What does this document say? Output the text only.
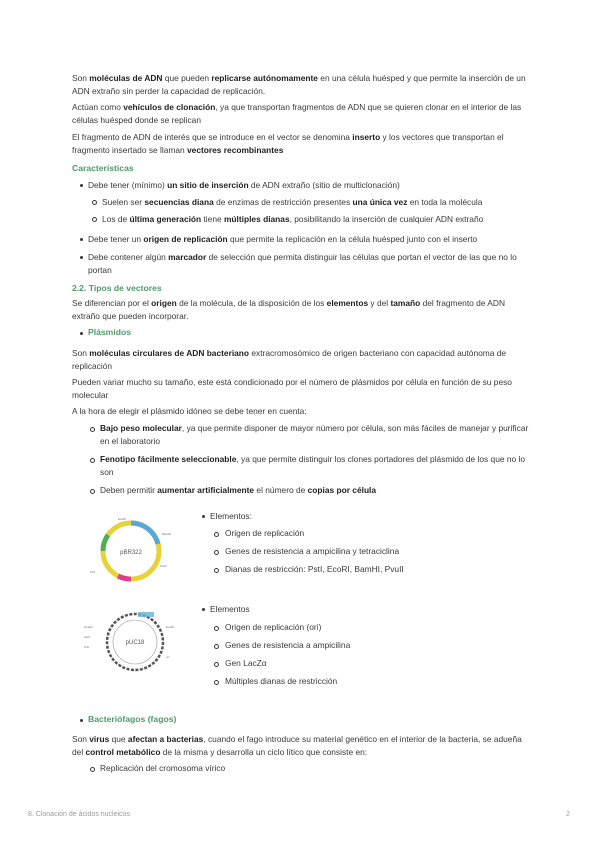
Son moléculas de ADN que pueden replicarse autónomamente en una célula huésped y que permite la inserción de un ADN extraño sin perder la capacidad de replicación.

Actúan como vehículos de clonación, ya que transportan fragmentos de ADN que se quieren clonar en el interior de las células huésped donde se replican

El fragmento de ADN de interés que se introduce en el vector se denomina inserto y los vectores que transportan el fragmento insertado se llaman vectores recombinantes

Características

Debe tener (mínimo) un sitio de inserción de ADN extraño (sitio de multiclonación)

Suelen ser secuencias diana de enzimas de restricción presentes una única vez en toda la molécula

Los de última generación tiene múltiples dianas, posibilitando la inserción de cualquier ADN extraño

Debe tener un origen de replicación que permite la replicación en la célula huésped junto con el inserto

Debe contener algún marcador de selección que permita distinguir las células que portan el vector de las que no lo portan

2.2. Tipos de vectores

Se diferencian por el origen de la molécula, de la disposición de los elementos y del tamaño del fragmento de ADN extraño que pueden incorporar.

Plásmidos

Son moléculas circulares de ADN bacteriano extracromosómico de origen bacteriano con capacidad autónoma de replicación

Pueden variar mucho su tamaño, este está condicionado por el número de plásmidos por célula en función de su peso molecular

A la hora de elegir el plásmido idóneo se debe tener en cuenta:

Bajo peso molecular, ya que permite disponer de mayor número por célula, son más fáciles de manejar y purificar en el laboratorio

Fenotipo fácilmente seleccionable, ya que permite distinguir los clones portadores del plásmido de los que no lo son

Deben permitir aumentar artificialmente el número de copias por célula

pBR322
EcoRI
BamHI
PstI
PvuII

Elementos:

Origen de replicación

Genes de resistencia a ampicilina y tetraciclina

Dianas de restricción: PstI, EcoRI, BamHI, PvuII

pUC18
HindIII
SphI
PstI
EcoRI
ori

Elementos

Origen de replicación (ori)

Genes de resistencia a ampicilina

Gen LacZα

Múltiples dianas de restricción

Bacteriófagos (fagos)

Son virus que afectan a bacterias, cuando el fago introduce su material genético en el interior de la bacteria, se adueña del control metabólico de la misma y desarrolla un ciclo lítico que consiste en:

Replicación del cromosoma vírico

8. Clonación de ácidos nucleicos	2
